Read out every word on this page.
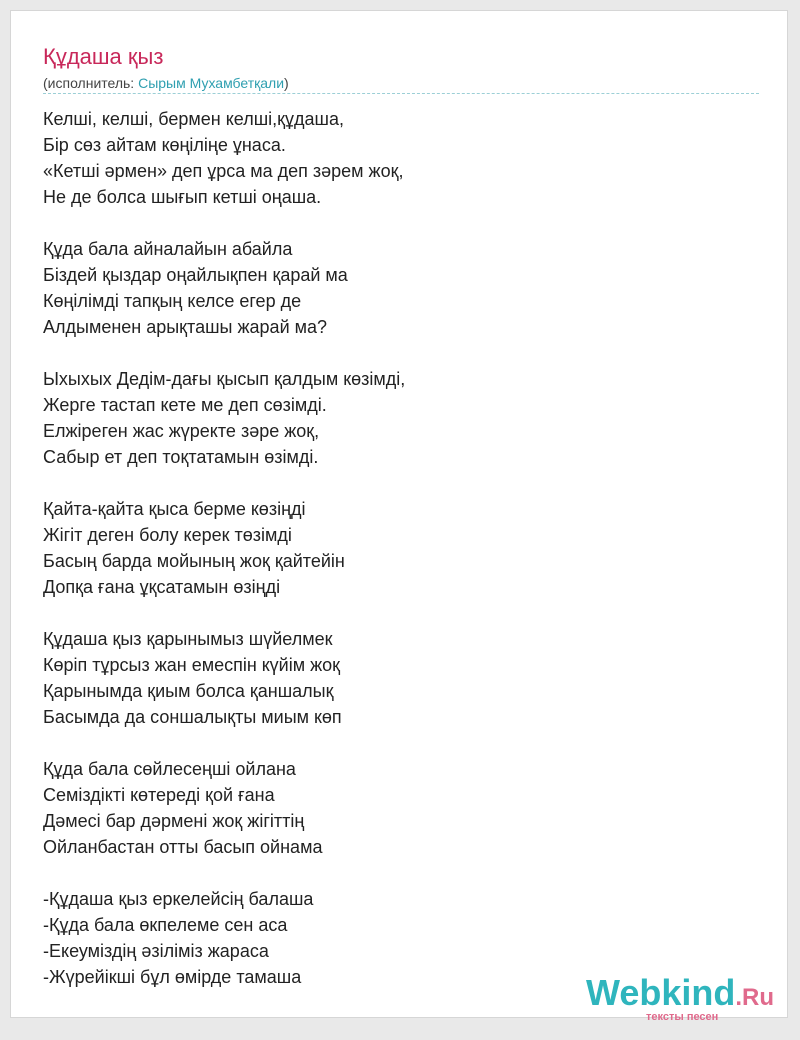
Құдаша қыз
(исполнитель: Сырым Мухамбетқали)
Келші, келші, бермен келші,құдаша,
Бір сөз айтам көңіліңе ұнаса.
«Кетші әрмен» деп ұрса ма деп зәрем жоқ,
Не де болса шығып кетші оңаша.
Құда бала айналайын абайла
Біздей қыздар оңайлықпен қарай ма
Көңілімді тапқың келсе егер де
Алдыменен арықташы жарай ма?
Ыхыхых Дедім-дағы қысып қалдым көзімді,
Жерге тастап кете ме деп сөзімді.
Елжіреген жас жүректе зәре жоқ,
Сабыр ет деп тоқтатамын өзімді.
Қайта-қайта қыса берме көзіңді
Жігіт деген болу керек төзімді
Басың барда мойының жоқ қайтейін
Допқа ғана ұқсатамын өзіңді
Құдаша қыз қарынымыз шүйелмек
Көріп тұрсыз жан емеспін күйім жоқ
Қарынымда қиым болса қаншалық
Басымда да соншалықты миым көп
Құда бала сөйлесеңші ойлана
Семіздікті көтереді қой ғана
Дәмесі бар дәрмені жоқ жігіттің
Ойланбастан отты басып ойнама
-Құдаша қыз еркелейсің балаша
-Құда бала өкпелеме сен аса
-Екеуміздің әзіліміз жараса
-Жүрейікші бұл өмірде тамаша	Webkind.Ru
тексты песен
